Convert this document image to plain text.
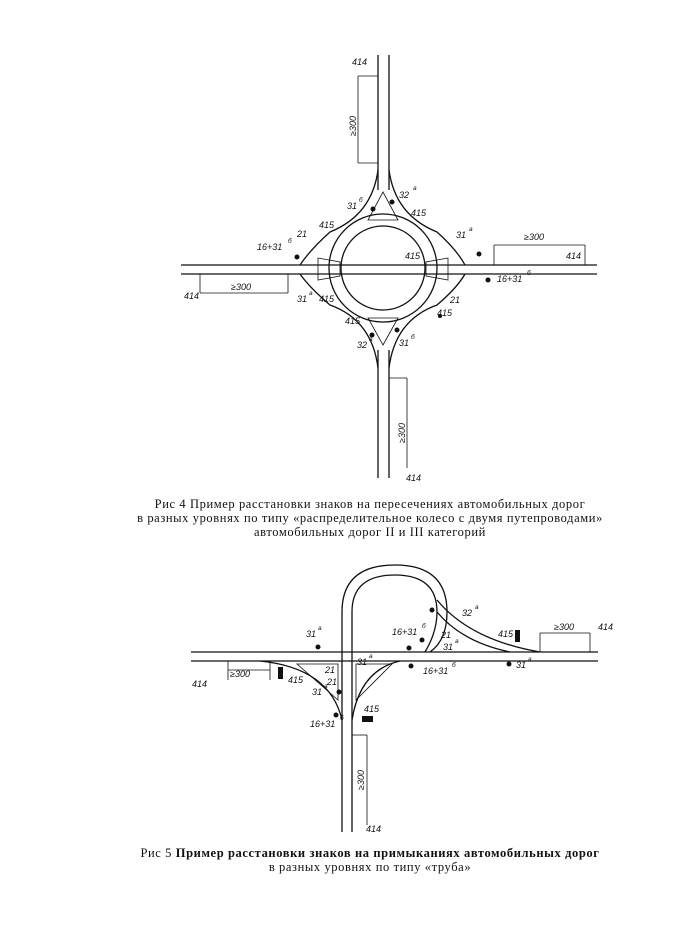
414
≥300
32
а
31
б
415
415
21
16+31
б
31
а
≥300
414
415
16+31
б
21
415
414
≥300
31
а
415
415
32
а	31
б
≥300
414
31
а	16+31
б
32
а
415
≥300	414
21
31
а
16+31
б	31
а
≥300
414	415
21
31
а
21
31
а
16+31
б
415
≥300
414
Рис 4 Пример расстановки знаков на пересечениях автомобильных дорог
в разных уровнях по типу «распределительное колесо с двумя путепроводами»
автомобильных дорог II и III категорий
Рис 5 Пример расстановки знаков на примыканиях автомобильных дорог
в разных уровнях по типу «труба»
